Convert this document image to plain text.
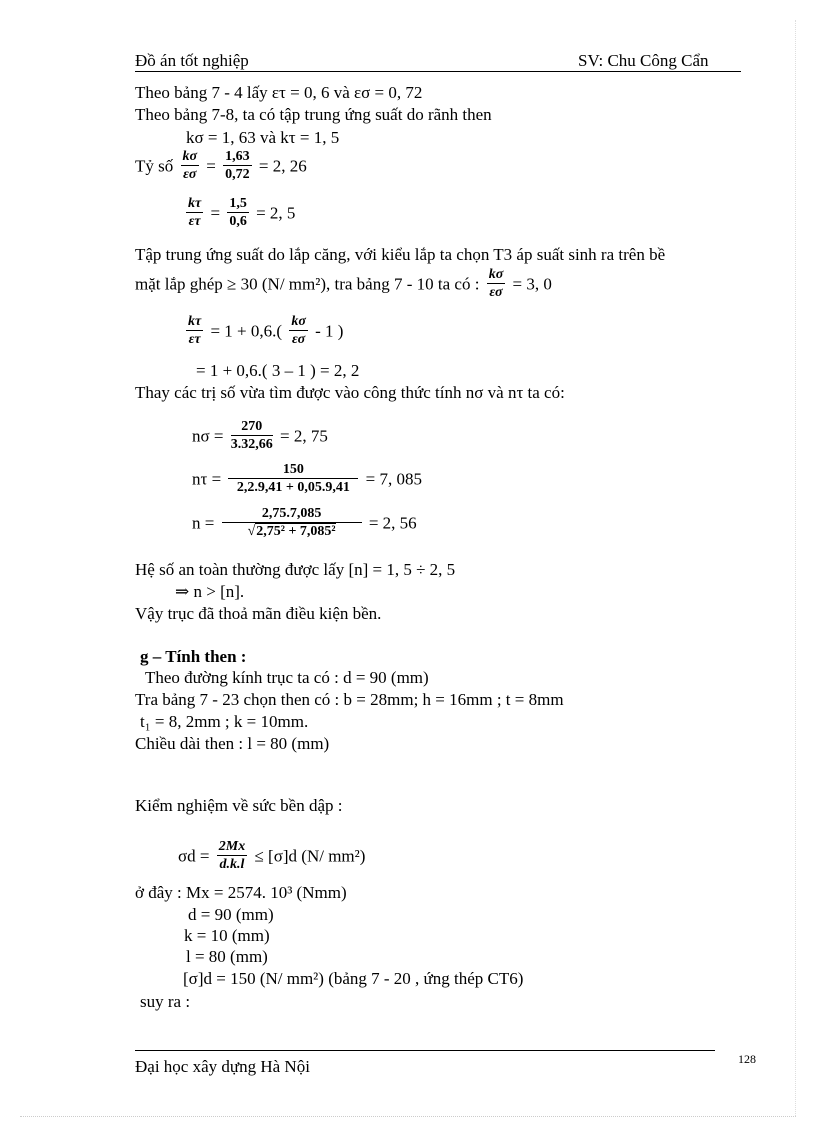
Đồ án tốt nghiệp	SV: Chu Công Cẩn
Theo bảng 7 - 4 lấy ετ = 0, 6 và εσ = 0, 72
Theo bảng 7-8, ta có tập trung ứng suất do rãnh then
kσ = 1, 63 và kτ = 1, 5
Tỷ số $\frac{k\sigma}{\varepsilon\sigma} = \frac{1,63}{0,72} = 2$, 26
$\frac{k\tau}{\varepsilon\tau} = \frac{1,5}{0,6} = 2$, 5
Tập trung ứng suất do lắp căng, với kiểu lắp ta chọn T3 áp suất sinh ra trên bề
mặt lắp ghép ≥ 30 (N/ mm²), tra bảng 7 - 10 ta có : $\frac{k\sigma}{\varepsilon\sigma} = 3$, 0
$\frac{k\tau}{\varepsilon\tau} = 1 + 0,6.( \frac{k\sigma}{\varepsilon\sigma} - 1$ )
= 1 + 0,6.( 3 – 1 ) = 2, 2
Thay các trị số vừa tìm được vào công thức tính nσ và nτ ta có:
$n\sigma = \frac{270}{3.32,66} = 2$, 75
$n\tau = \frac{150}{2,2.9,41 + 0,05.9,41} = 7$, 085
$n = \frac{2,75.7,085}{\text{√2,75² + 7,085²}} = 2$, 56
Hệ số an toàn thường được lấy [n] = 1, 5 ÷ 2, 5
⇒ n > [n].
Vậy trục đã thoả mãn điều kiện bền.
g – Tính then :
Theo đường kính trục ta có : d = 90 (mm)
Tra bảng 7 - 23 chọn then có : b = 28mm; h = 16mm ; t = 8mm
t₁ = 8, 2mm ; k = 10mm.
Chiều dài then : l = 80 (mm)
Kiểm nghiệm về sức bền dập :
$\sigma d = \frac{2Mx}{d.k.l} \le [\sigma]d$ (N/ mm²)
ở đây : Mx = 2574. 10³ (Nmm)
d = 90 (mm)
k = 10 (mm)
l = 80 (mm)
[σ]d = 150 (N/ mm²) (bảng 7 - 20 , ứng thép CT6)
suy ra :
Đại học xây dựng Hà Nội	128
